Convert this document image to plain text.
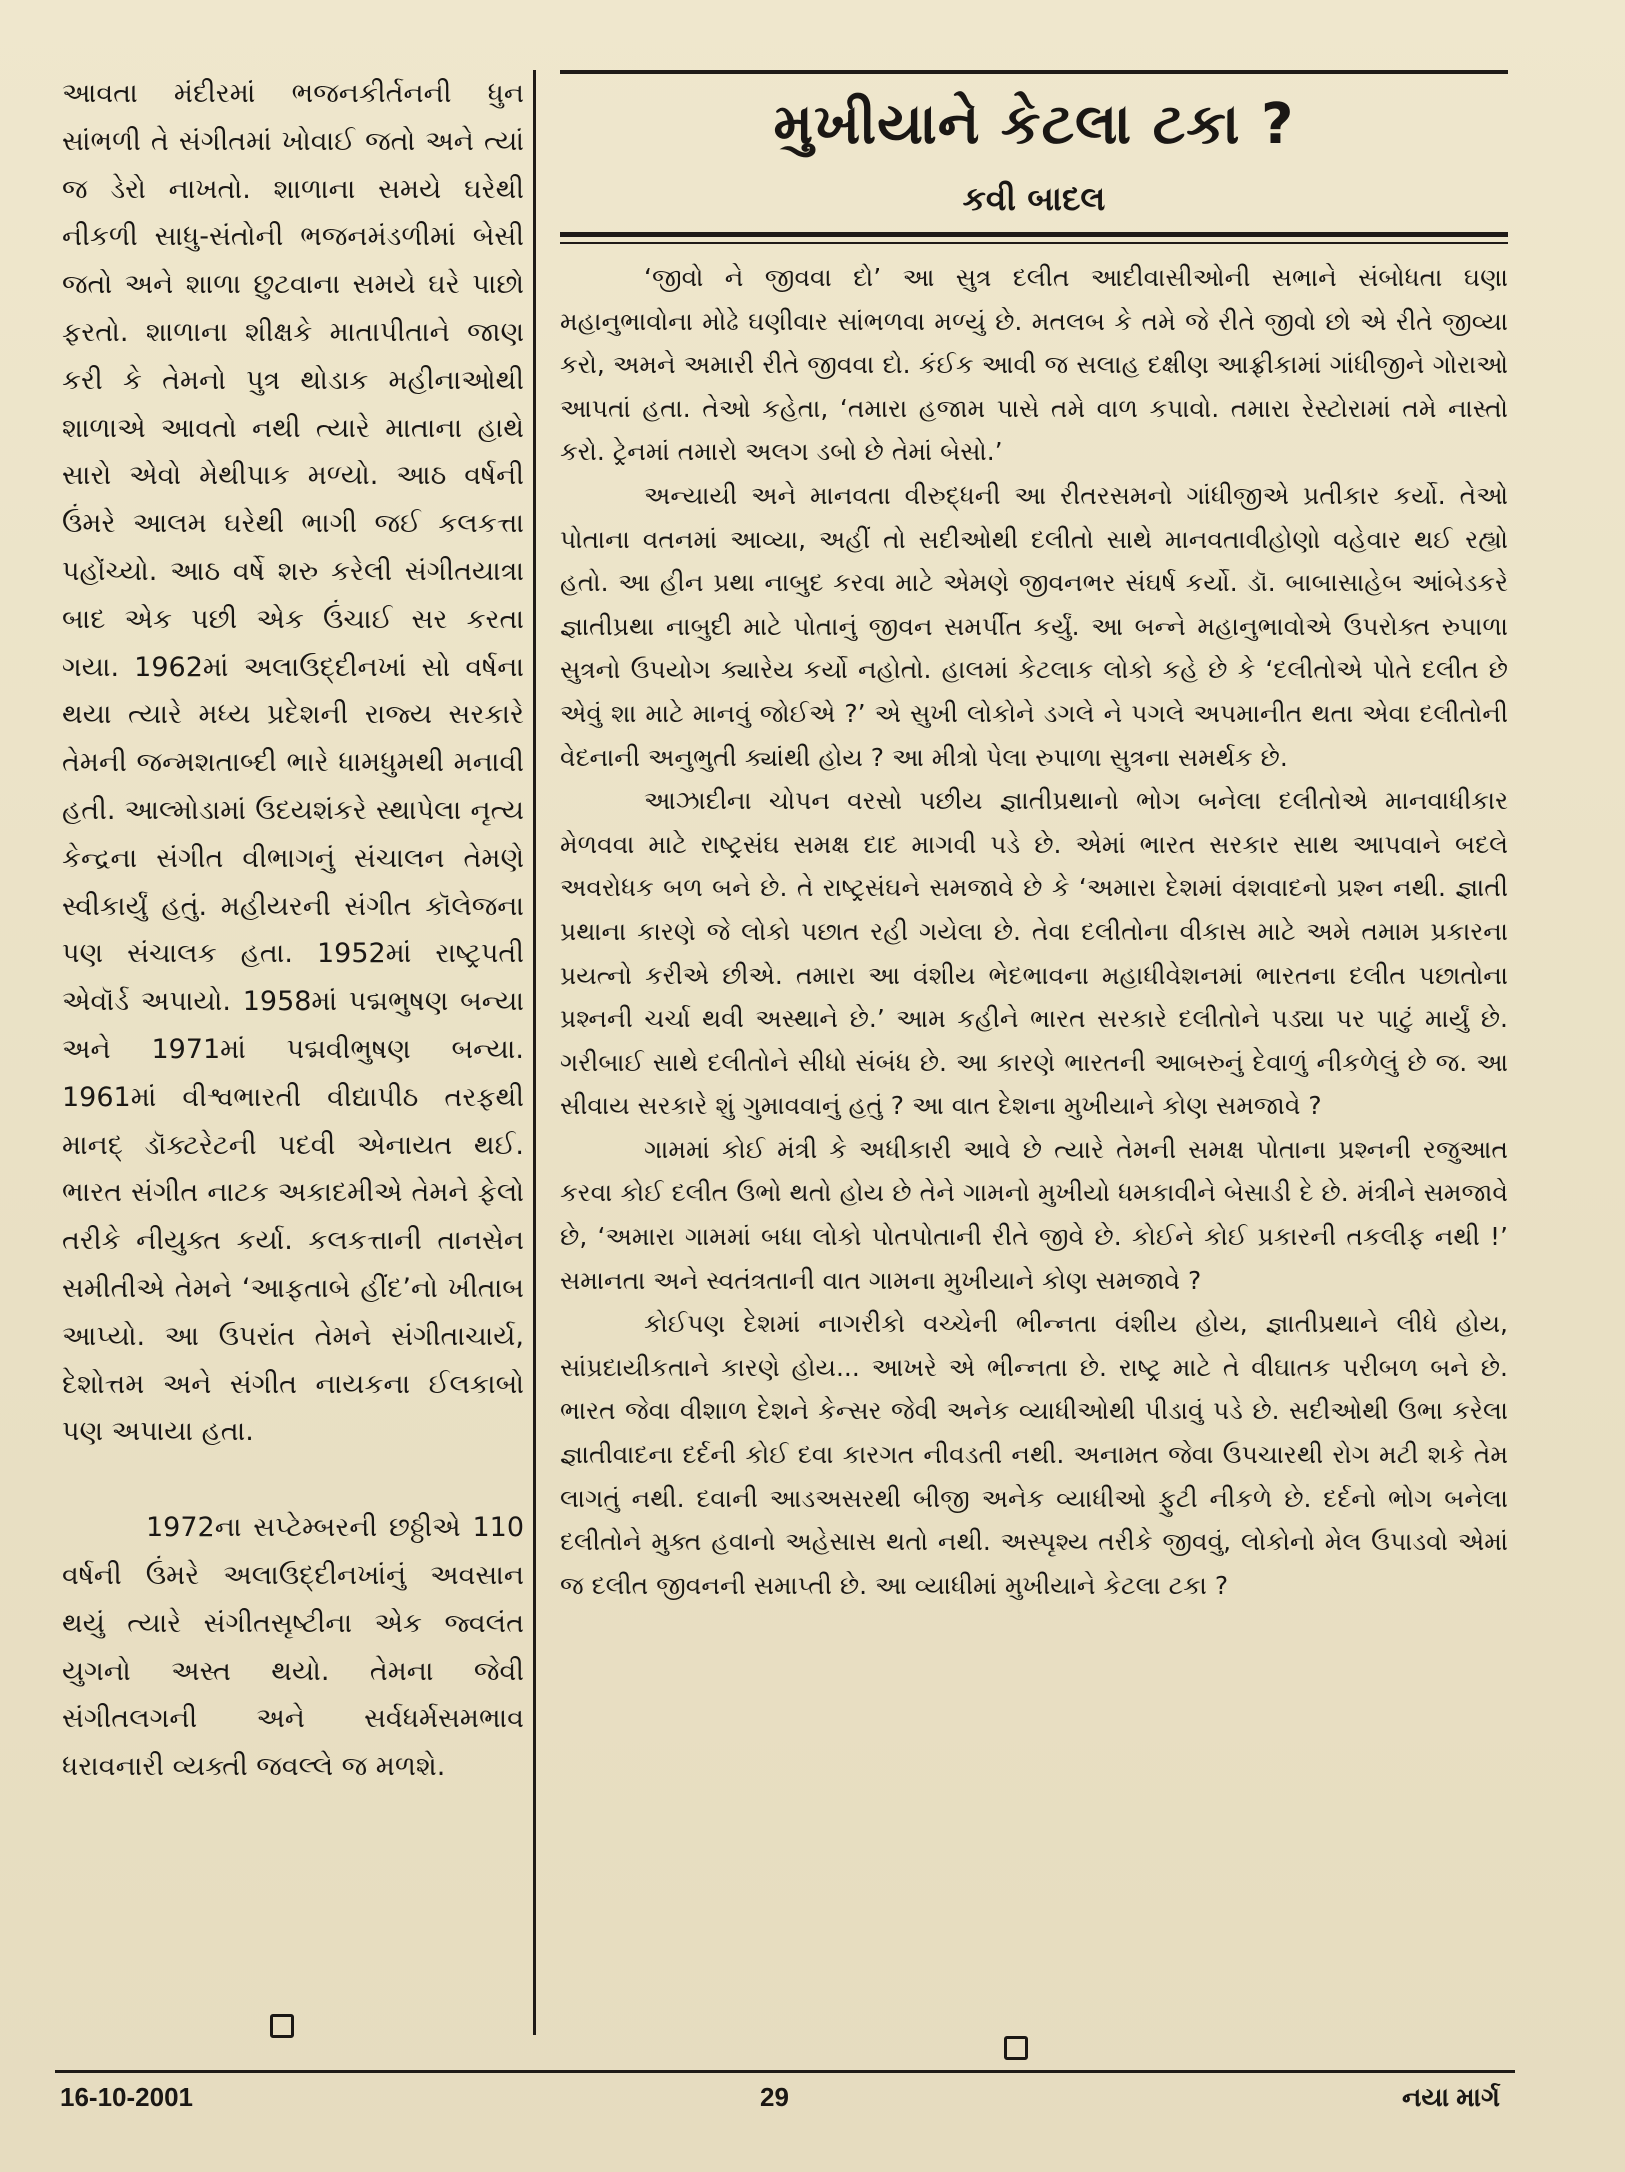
આવતા મંદીરમાં ભજનકીર્તનની ધુન સાંભળી તે સંગીતમાં ખોવાઈ જતો અને ત્યાં જ ડેરો નાખતો. શાળાના સમયે ઘરેથી નીકળી સાધુ-સંતોની ભજનમંડળીમાં બેસી જતો અને શાળા છુટવાના સમયે ઘરે પાછો ફરતો. શાળાના શીક્ષકે માતાપીતાને જાણ કરી કે તેમનો પુત્ર થોડાક મહીનાઓથી શાળાએ આવતો નથી ત્યારે માતાના હાથે સારો એવો મેથીપાક મળ્યો. આઠ વર્ષની ઉંમરે આલમ ઘરેથી ભાગી જઈ કલકત્તા પહોંચ્યો. આઠ વર્ષે શરુ કરેલી સંગીતયાત્રા બાદ એક પછી એક ઉંચાઈ સર કરતા ગયા. 1962માં અલાઉદ્દીનખાં સો વર્ષના થયા ત્યારે મધ્ય પ્રદેશની રાજ્ય સરકારે તેમની જન્મશતાબ્દી ભારે ધામધુમથી મનાવી હતી. આલ્મોડામાં ઉદયશંકરે સ્થાપેલા નૃત્ય કેન્દ્રના સંગીત વીભાગનું સંચાલન તેમણે સ્વીકાર્યું હતું. મહીયરની સંગીત કૉલેજના પણ સંચાલક હતા. 1952માં રાષ્ટ્રપતી એવૉર્ડ અપાયો. 1958માં પદ્મભુષણ બન્યા અને 1971માં પદ્મવીભુષણ બન્યા. 1961માં વીશ્વભારતી વીદ્યાપીઠ તરફથી માનદ્ ડૉક્ટરેટની પદવી એનાયત થઈ. ભારત સંગીત નાટક અકાદમીએ તેમને ફેલો તરીકે નીયુક્ત કર્યા. કલકત્તાની તાનસેન સમીતીએ તેમને ‘આફતાબે હીંદ’નો ખીતાબ આપ્યો. આ ઉપરાંત તેમને સંગીતાચાર્ય, દેશોત્તમ અને સંગીત નાયકના ઈલકાબો પણ અપાયા હતા.

1972ના સપ્ટેમ્બરની છઠ્ઠીએ 110 વર્ષની ઉંમરે અલાઉદ્દીનખાંનું અવસાન થયું ત્યારે સંગીતસૃષ્ટીના એક જ્વલંત યુગનો અસ્ત થયો. તેમના જેવી સંગીતલગની અને સર્વધર્મસમભાવ ધરાવનારી વ્યક્તી જવલ્લે જ મળશે.

મુખીયાને કેટલા ટકા ?
કવી બાદલ

‘જીવો ને જીવવા દો’ આ સુત્ર દલીત આદીવાસીઓની સભાને સંબોધતા ઘણા મહાનુભાવોના મોઢે ઘણીવાર સાંભળવા મળ્યું છે. મતલબ કે તમે જે રીતે જીવો છો એ રીતે જીવ્યા કરો, અમને અમારી રીતે જીવવા દો. કંઈક આવી જ સલાહ દક્ષીણ આફ્રીકામાં ગાંધીજીને ગોરાઓ આપતાં હતા. તેઓ કહેતા, ‘તમારા હજામ પાસે તમે વાળ કપાવો. તમારા રેસ્ટોરામાં તમે નાસ્તો કરો. ટ્રેનમાં તમારો અલગ ડબો છે તેમાં બેસો.’

અન્યાયી અને માનવતા વીરુદ્ધની આ રીતરસમનો ગાંધીજીએ પ્રતીકાર કર્યો. તેઓ પોતાના વતનમાં આવ્યા, અહીં તો સદીઓથી દલીતો સાથે માનવતાવીહોણો વહેવાર થઈ રહ્યો હતો. આ હીન પ્રથા નાબુદ કરવા માટે એમણે જીવનભર સંઘર્ષ કર્યો. ડૉ. બાબાસાહેબ આંબેડકરે જ્ઞાતીપ્રથા નાબુદી માટે પોતાનું જીવન સમર્પીત કર્યું. આ બન્ને મહાનુભાવોએ ઉપરોક્ત રુપાળા સુત્રનો ઉપયોગ ક્યારેય કર્યો નહોતો. હાલમાં કેટલાક લોકો કહે છે કે ‘દલીતોએ પોતે દલીત છે એવું શા માટે માનવું જોઈએ ?’ એ સુખી લોકોને ડગલે ને પગલે અપમાનીત થતા એવા દલીતોની વેદનાની અનુભુતી ક્યાંથી હોય ? આ મીત્રો પેલા રુપાળા સુત્રના સમર્થક છે.

આઝાદીના ચોપન વરસો પછીય જ્ઞાતીપ્રથાનો ભોગ બનેલા દલીતોએ માનવાધીકાર મેળવવા માટે રાષ્ટ્રસંઘ સમક્ષ દાદ માગવી પડે છે. એમાં ભારત સરકાર સાથ આપવાને બદલે અવરોધક બળ બને છે. તે રાષ્ટ્રસંઘને સમજાવે છે કે ‘અમારા દેશમાં વંશવાદનો પ્રશ્ન નથી. જ્ઞાતી પ્રથાના કારણે જે લોકો પછાત રહી ગયેલા છે. તેવા દલીતોના વીકાસ માટે અમે તમામ પ્રકારના પ્રયત્નો કરીએ છીએ. તમારા આ વંશીય ભેદભાવના મહાધીવેશનમાં ભારતના દલીત પછાતોના પ્રશ્નની ચર્ચા થવી અસ્થાને છે.’ આમ કહીને ભારત સરકારે દલીતોને પડ્યા પર પાટું માર્યું છે. ગરીબાઈ સાથે દલીતોને સીધો સંબંધ છે. આ કારણે ભારતની આબરુનું દેવાળું નીકળેલું છે જ. આ સીવાય સરકારે શું ગુમાવવાનું હતું ? આ વાત દેશના મુખીયાને કોણ સમજાવે ?

ગામમાં કોઈ મંત્રી કે અધીકારી આવે છે ત્યારે તેમની સમક્ષ પોતાના પ્રશ્નની રજુઆત કરવા કોઈ દલીત ઉભો થતો હોય છે તેને ગામનો મુખીયો ધમકાવીને બેસાડી દે છે. મંત્રીને સમજાવે છે, ‘અમારા ગામમાં બધા લોકો પોતપોતાની રીતે જીવે છે. કોઈને કોઈ પ્રકારની તકલીફ નથી !’ સમાનતા અને સ્વતંત્રતાની વાત ગામના મુખીયાને કોણ સમજાવે ?

કોઈપણ દેશમાં નાગરીકો વચ્ચેની ભીન્નતા વંશીય હોય, જ્ઞાતીપ્રથાને લીધે હોય, સાંપ્રદાયીકતાને કારણે હોય... આખરે એ ભીન્નતા છે. રાષ્ટ્ર માટે તે વીઘાતક પરીબળ બને છે. ભારત જેવા વીશાળ દેશને કેન્સર જેવી અનેક વ્યાધીઓથી પીડાવું પડે છે. સદીઓથી ઉભા કરેલા જ્ઞાતીવાદના દર્દની કોઈ દવા કારગત નીવડતી નથી. અનામત જેવા ઉપચારથી રોગ મટી શકે તેમ લાગતું નથી. દવાની આડઅસરથી બીજી અનેક વ્યાધીઓ ફુટી નીકળે છે. દર્દનો ભોગ બનેલા દલીતોને મુક્ત હવાનો અહેસાસ થતો નથી. અસ્પૃશ્ય તરીકે જીવવું, લોકોનો મેલ ઉપાડવો એમાં જ દલીત જીવનની સમાપ્તી છે. આ વ્યાધીમાં મુખીયાને કેટલા ટકા ?

16-10-2001	29	નયા માર્ગ
